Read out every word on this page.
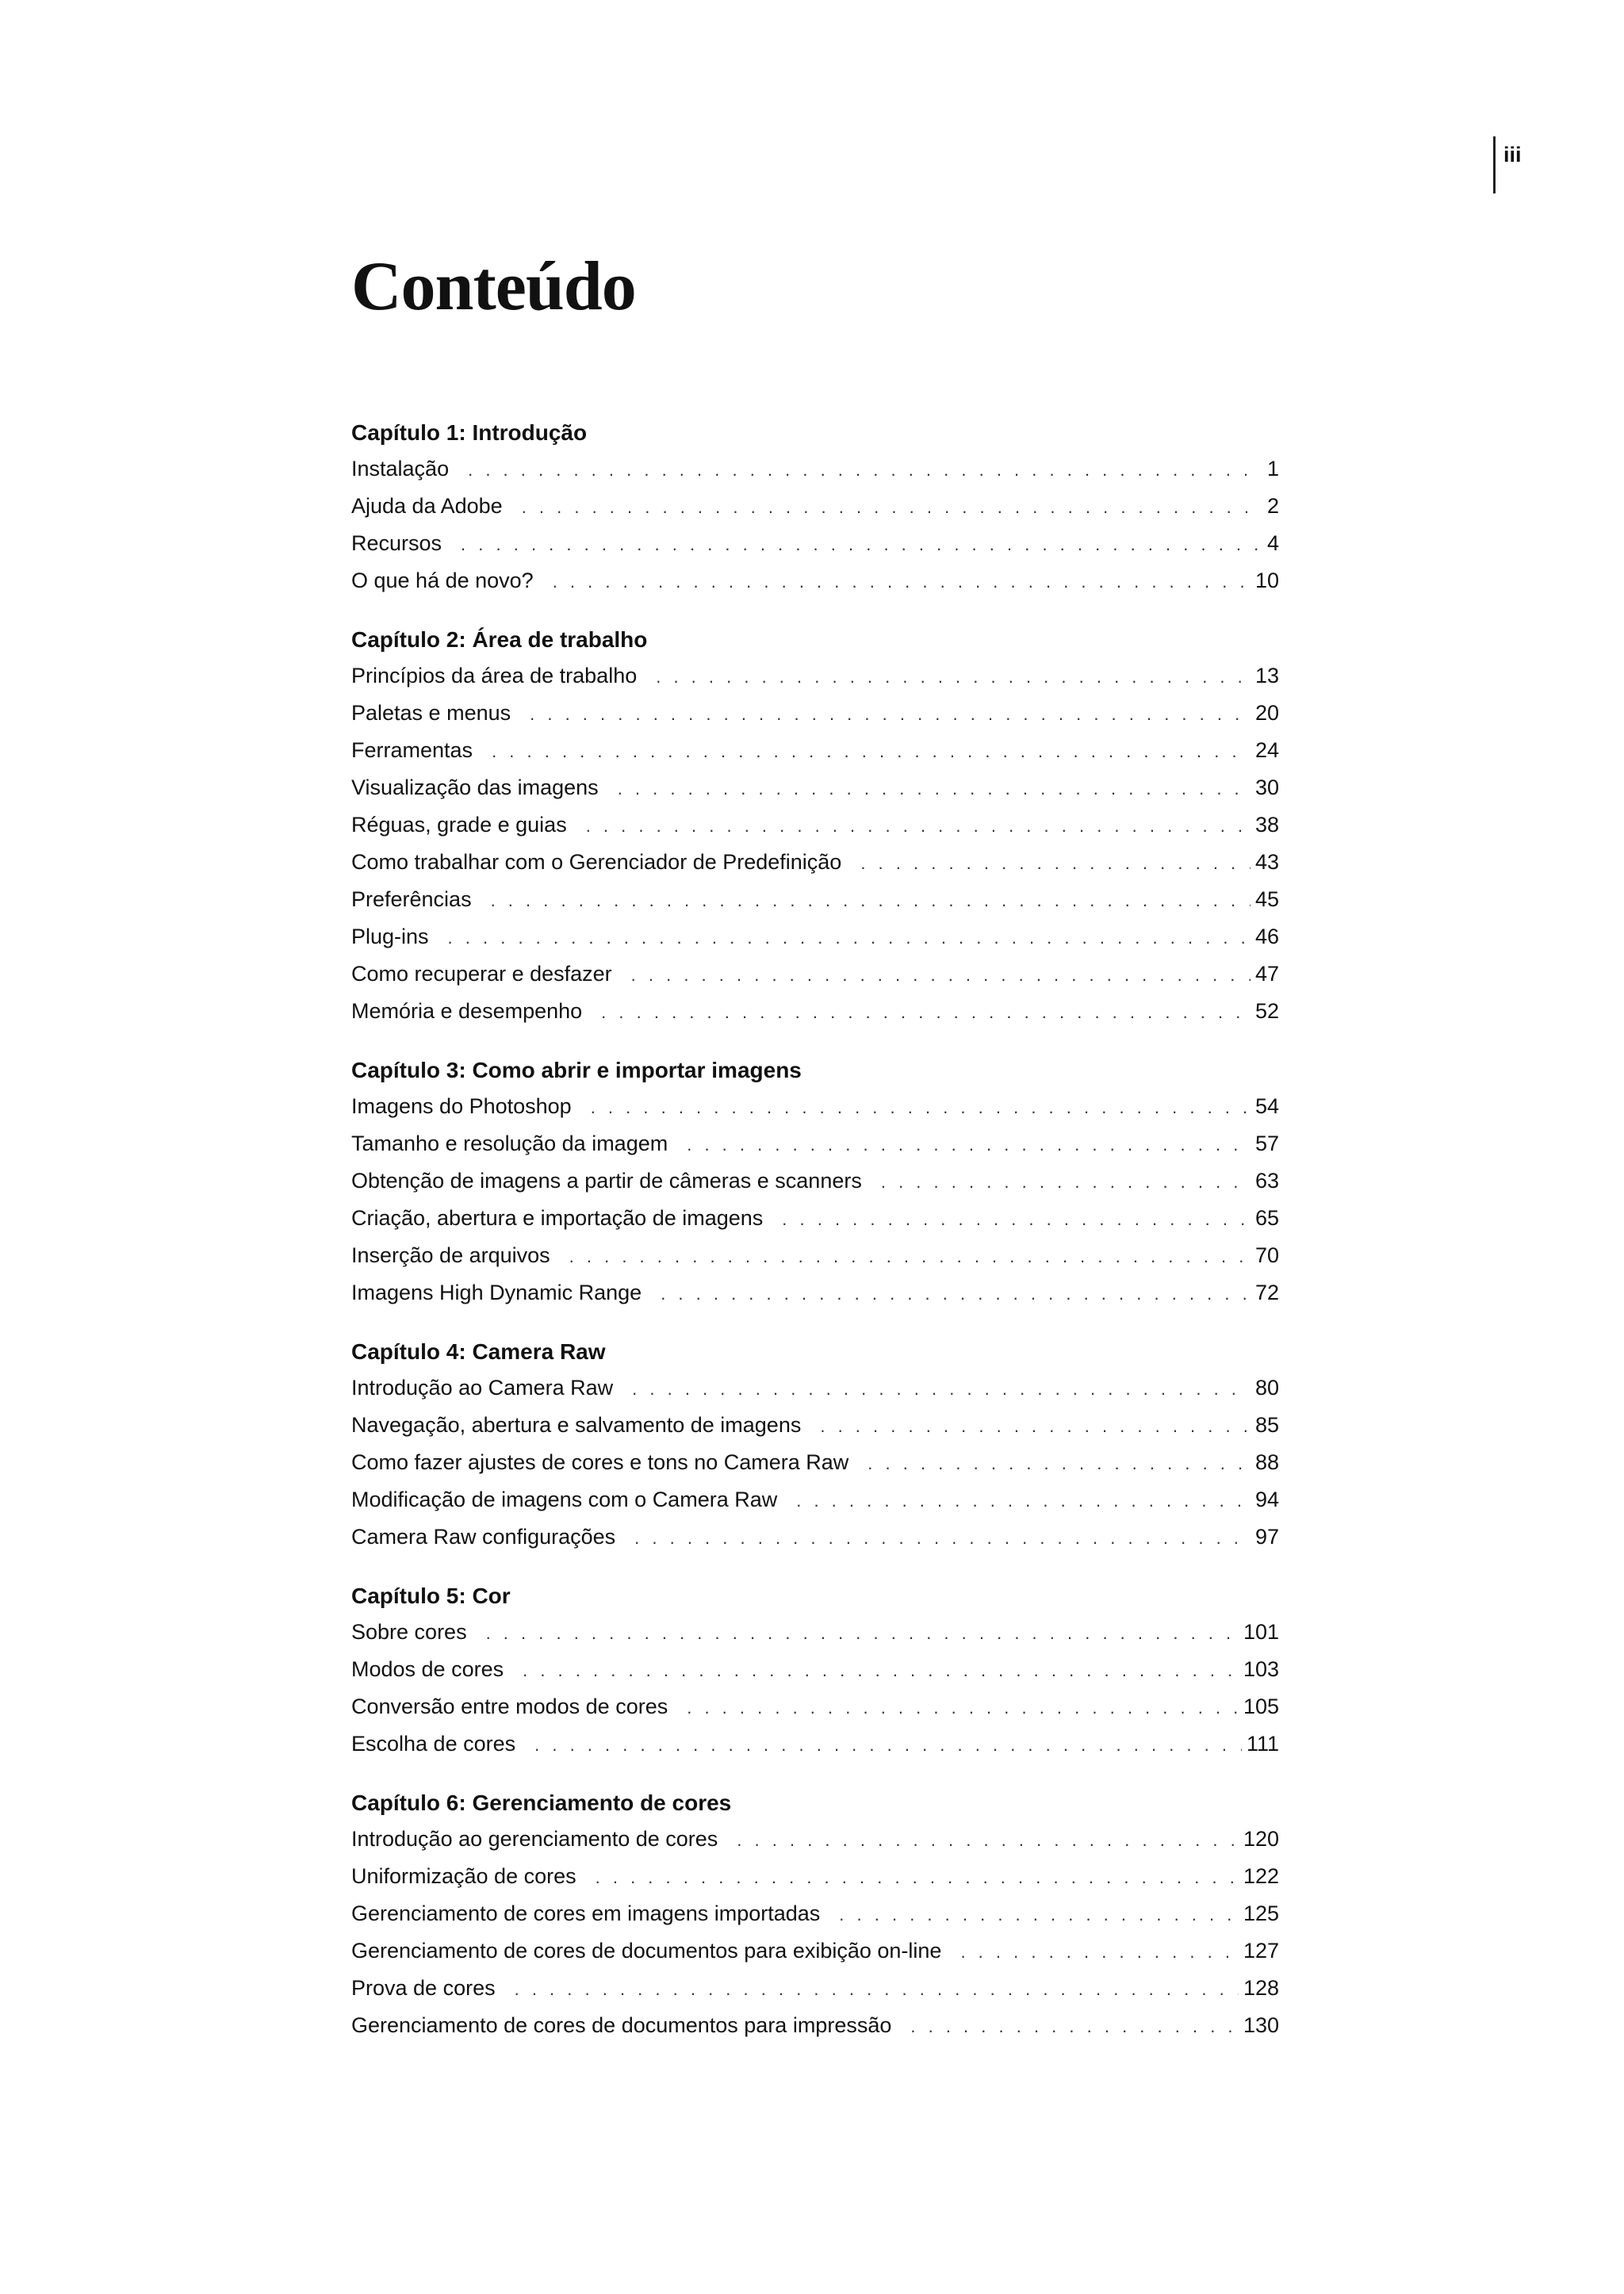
iii
Conteúdo
Capítulo 1: Introdução
Instalação . . .	1
Ajuda da Adobe . . .	2
Recursos . . .	4
O que há de novo? . . .	10
Capítulo 2: Área de trabalho
Princípios da área de trabalho . . .	13
Paletas e menus . . .	20
Ferramentas . . .	24
Visualização das imagens . . .	30
Réguas, grade e guias . . .	38
Como trabalhar com o Gerenciador de Predefinição . . .	43
Preferências . . .	45
Plug-ins . . .	46
Como recuperar e desfazer . . .	47
Memória e desempenho . . .	52
Capítulo 3: Como abrir e importar imagens
Imagens do Photoshop . . .	54
Tamanho e resolução da imagem . . .	57
Obtenção de imagens a partir de câmeras e scanners . . .	63
Criação, abertura e importação de imagens . . .	65
Inserção de arquivos . . .	70
Imagens High Dynamic Range . . .	72
Capítulo 4: Camera Raw
Introdução ao Camera Raw . . .	80
Navegação, abertura e salvamento de imagens . . .	85
Como fazer ajustes de cores e tons no Camera Raw . . .	88
Modificação de imagens com o Camera Raw . . .	94
Camera Raw configurações . . .	97
Capítulo 5: Cor
Sobre cores . . .	101
Modos de cores . . .	103
Conversão entre modos de cores . . .	105
Escolha de cores . . .	111
Capítulo 6: Gerenciamento de cores
Introdução ao gerenciamento de cores . . .	120
Uniformização de cores . . .	122
Gerenciamento de cores em imagens importadas . . .	125
Gerenciamento de cores de documentos para exibição on-line . . .	127
Prova de cores . . .	128
Gerenciamento de cores de documentos para impressão . . .	130
